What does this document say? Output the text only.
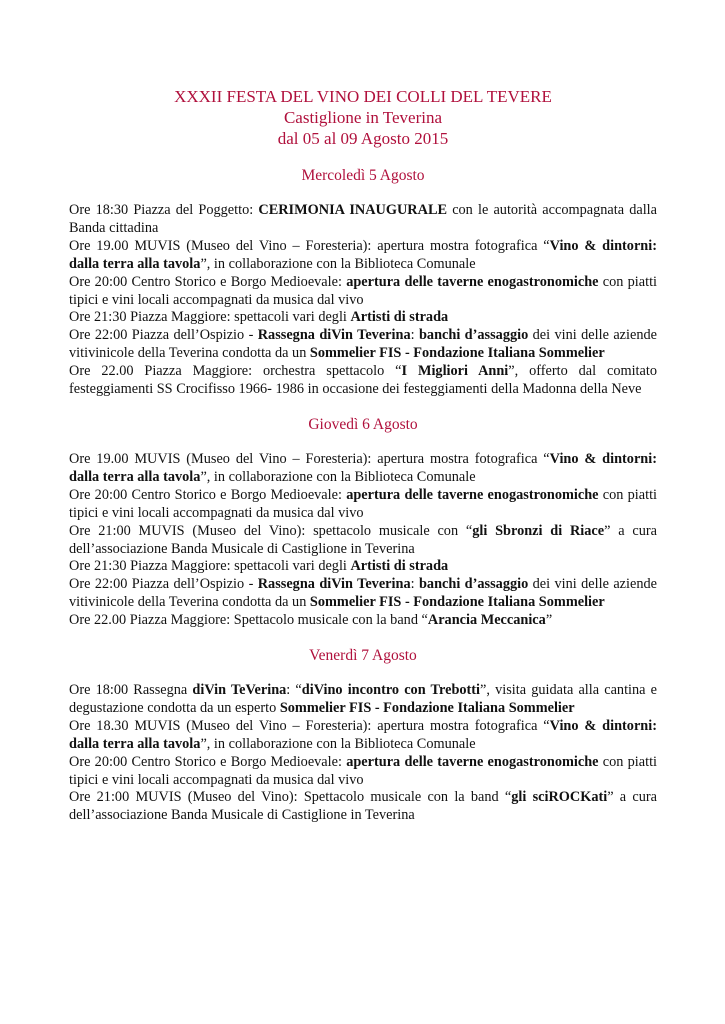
XXXII FESTA DEL VINO DEI COLLI DEL TEVERE
Castiglione in Teverina
dal 05 al 09 Agosto 2015
Mercoledì 5 Agosto
Ore 18:30 Piazza del Poggetto: CERIMONIA INAUGURALE con le autorità accompagnata dalla Banda cittadina
Ore 19.00 MUVIS (Museo del Vino – Foresteria): apertura mostra fotografica “Vino & dintorni: dalla terra alla tavola”, in collaborazione con la Biblioteca Comunale
Ore 20:00 Centro Storico e Borgo Medioevale: apertura delle taverne enogastronomiche con piatti tipici e vini locali accompagnati da musica dal vivo
Ore 21:30 Piazza Maggiore: spettacoli vari degli Artisti di strada
Ore 22:00 Piazza dell’Ospizio - Rassegna diVin Teverina: banchi d’assaggio dei vini delle aziende vitivinicole della Teverina condotta da un Sommelier FIS - Fondazione Italiana Sommelier
Ore 22.00 Piazza Maggiore: orchestra spettacolo “I Migliori Anni”, offerto dal comitato festeggiamenti SS Crocifisso 1966- 1986 in occasione dei festeggiamenti della Madonna della Neve
Giovedì 6 Agosto
Ore 19.00 MUVIS (Museo del Vino – Foresteria): apertura mostra fotografica “Vino & dintorni: dalla terra alla tavola”, in collaborazione con la Biblioteca Comunale
Ore 20:00 Centro Storico e Borgo Medioevale: apertura delle taverne enogastronomiche con piatti tipici e vini locali accompagnati da musica dal vivo
Ore 21:00 MUVIS (Museo del Vino): spettacolo musicale con “gli Sbronzi di Riace” a cura dell’associazione Banda Musicale di Castiglione in Teverina
Ore 21:30 Piazza Maggiore: spettacoli vari degli Artisti di strada
Ore 22:00 Piazza dell’Ospizio - Rassegna diVin Teverina: banchi d’assaggio dei vini delle aziende vitivinicole della Teverina condotta da un Sommelier FIS - Fondazione Italiana Sommelier
Ore 22.00 Piazza Maggiore: Spettacolo musicale con la band “Arancia Meccanica”
Venerdì 7 Agosto
Ore 18:00 Rassegna diVin TeVerina: “diVino incontro con Trebotti”, visita guidata alla cantina e degustazione condotta da un esperto Sommelier FIS - Fondazione Italiana Sommelier
Ore 18.30 MUVIS (Museo del Vino – Foresteria): apertura mostra fotografica “Vino & dintorni: dalla terra alla tavola”, in collaborazione con la Biblioteca Comunale
Ore 20:00 Centro Storico e Borgo Medioevale: apertura delle taverne enogastronomiche con piatti tipici e vini locali accompagnati da musica dal vivo
Ore 21:00 MUVIS (Museo del Vino): Spettacolo musicale con la band “gli sciROCKati” a cura dell’associazione Banda Musicale di Castiglione in Teverina
